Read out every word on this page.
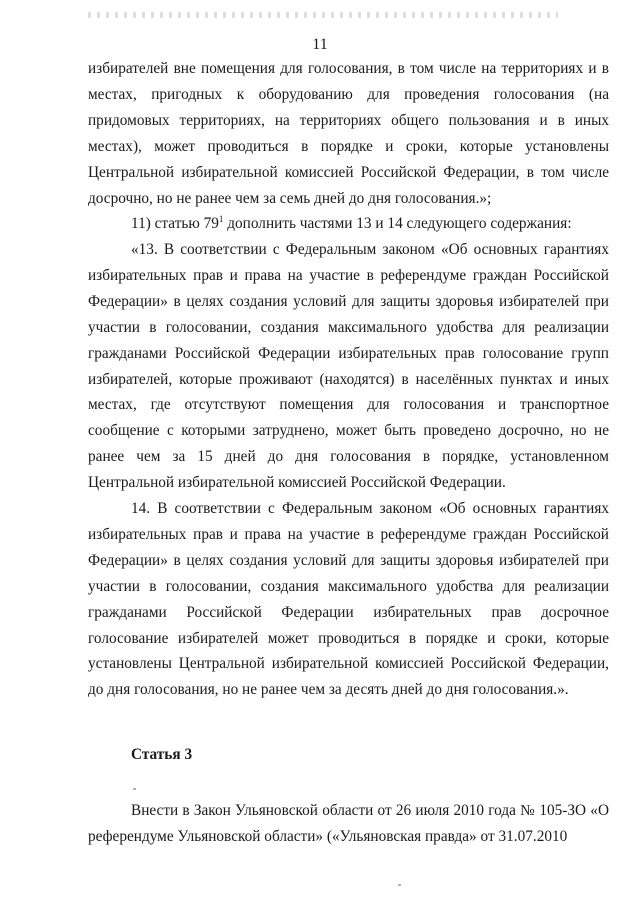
11

избирателей вне помещения для голосования, в том числе на территориях и в местах, пригодных к оборудованию для проведения голосования (на придомовых территориях, на территориях общего пользования и в иных местах), может проводиться в порядке и сроки, которые установлены Центральной избирательной комиссией Российской Федерации, в том числе досрочно, но не ранее чем за семь дней до дня голосования.»;

11) статью $79^1$ дополнить частями 13 и 14 следующего содержания:

«13. В соответствии с Федеральным законом «Об основных гарантиях избирательных прав и права на участие в референдуме граждан Российской Федерации» в целях создания условий для защиты здоровья избирателей при участии в голосовании, создания максимального удобства для реализации гражданами Российской Федерации избирательных прав голосование групп избирателей, которые проживают (находятся) в населённых пунктах и иных местах, где отсутствуют помещения для голосования и транспортное сообщение с которыми затруднено, может быть проведено досрочно, но не ранее чем за 15 дней до дня голосования в порядке, установленном Центральной избирательной комиссией Российской Федерации.

14. В соответствии с Федеральным законом «Об основных гарантиях избирательных прав и права на участие в референдуме граждан Российской Федерации» в целях создания условий для защиты здоровья избирателей при участии в голосовании, создания максимального удобства для реализации гражданами Российской Федерации избирательных прав досрочное голосование избирателей может проводиться в порядке и сроки, которые установлены Центральной избирательной комиссией Российской Федерации, до дня голосования, но не ранее чем за десять дней до дня голосования.».

Статья 3

Внести в Закон Ульяновской области от 26 июля 2010 года № 105-ЗО «О референдуме Ульяновской области» («Ульяновская правда» от 31.07.2010
